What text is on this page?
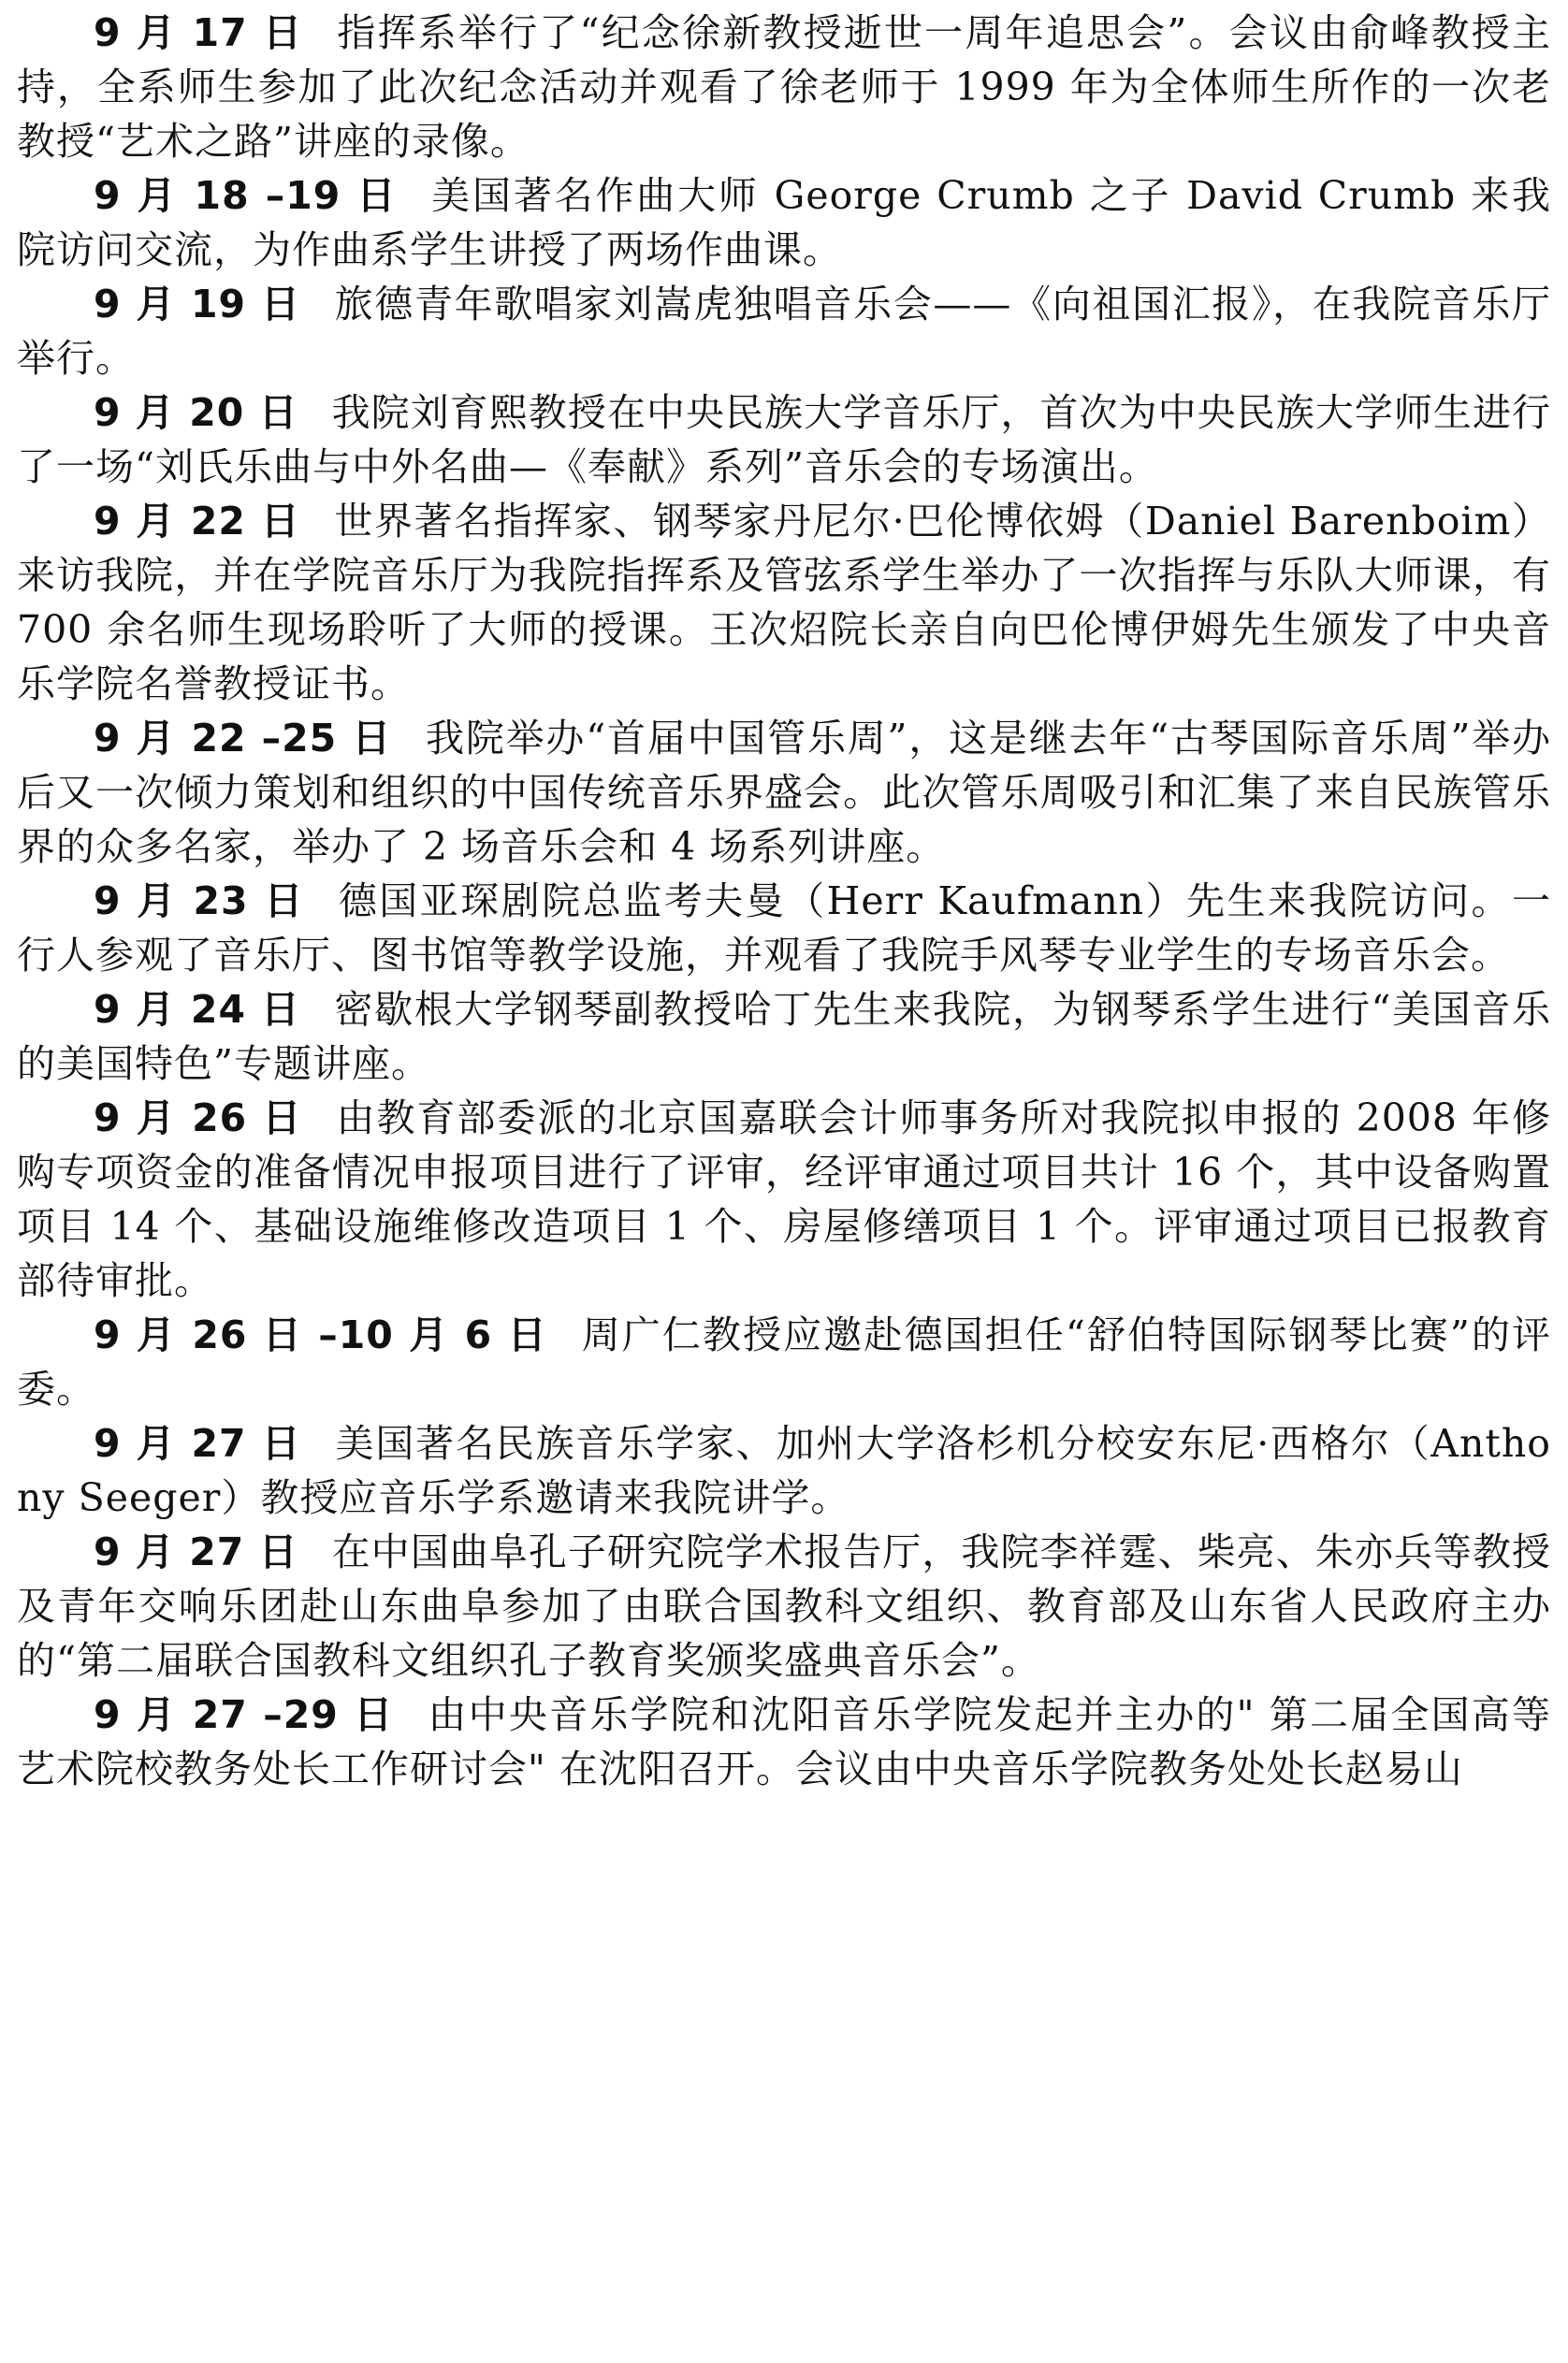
9 月 17 日 指挥系举行了“纪念徐新教授逝世一周年追思会”。会议由俞峰教授主持，全系师生参加了此次纪念活动并观看了徐老师于 1999 年为全体师生所作的一次老教授“艺术之路”讲座的录像。

9 月 18 –19 日 美国著名作曲大师 George Crumb 之子 David Crumb 来我院访问交流，为作曲系学生讲授了两场作曲课。

9 月 19 日 旅德青年歌唱家刘嵩虎独唱音乐会——《向祖国汇报》，在我院音乐厅举行。

9 月 20 日 我院刘育熙教授在中央民族大学音乐厅，首次为中央民族大学师生进行了一场“刘氏乐曲与中外名曲—《奉献》系列”音乐会的专场演出。

9 月 22 日 世界著名指挥家、钢琴家丹尼尔·巴伦博依姆（Daniel Barenboim）来访我院，并在学院音乐厅为我院指挥系及管弦系学生举办了一次指挥与乐队大师课，有 700 余名师生现场聆听了大师的授课。王次炤院长亲自向巴伦博伊姆先生颁发了中央音乐学院名誉教授证书。

9 月 22 –25 日 我院举办“首届中国管乐周”，这是继去年“古琴国际音乐周”举办后又一次倾力策划和组织的中国传统音乐界盛会。此次管乐周吸引和汇集了来自民族管乐界的众多名家，举办了 2 场音乐会和 4 场系列讲座。

9 月 23 日 德国亚琛剧院总监考夫曼（Herr Kaufmann）先生来我院访问。一行人参观了音乐厅、图书馆等教学设施，并观看了我院手风琴专业学生的专场音乐会。

9 月 24 日 密歇根大学钢琴副教授哈丁先生来我院，为钢琴系学生进行“美国音乐的美国特色”专题讲座。

9 月 26 日 由教育部委派的北京国嘉联会计师事务所对我院拟申报的 2008 年修购专项资金的准备情况申报项目进行了评审，经评审通过项目共计 16 个，其中设备购置项目 14 个、基础设施维修改造项目 1 个、房屋修缮项目 1 个。评审通过项目已报教育部待审批。

9 月 26 日 –10 月 6 日 周广仁教授应邀赴德国担任“舒伯特国际钢琴比赛”的评委。

9 月 27 日 美国著名民族音乐学家、加州大学洛杉机分校安东尼·西格尔（Anthony Seeger）教授应音乐学系邀请来我院讲学。

9 月 27 日 在中国曲阜孔子研究院学术报告厅，我院李祥霆、柴亮、朱亦兵等教授及青年交响乐团赴山东曲阜参加了由联合国教科文组织、教育部及山东省人民政府主办的“第二届联合国教科文组织孔子教育奖颁奖盛典音乐会”。

9 月 27 –29 日 由中央音乐学院和沈阳音乐学院发起并主办的" 第二届全国高等艺术院校教务处长工作研讨会" 在沈阳召开。会议由中央音乐学院教务处处长赵易山
